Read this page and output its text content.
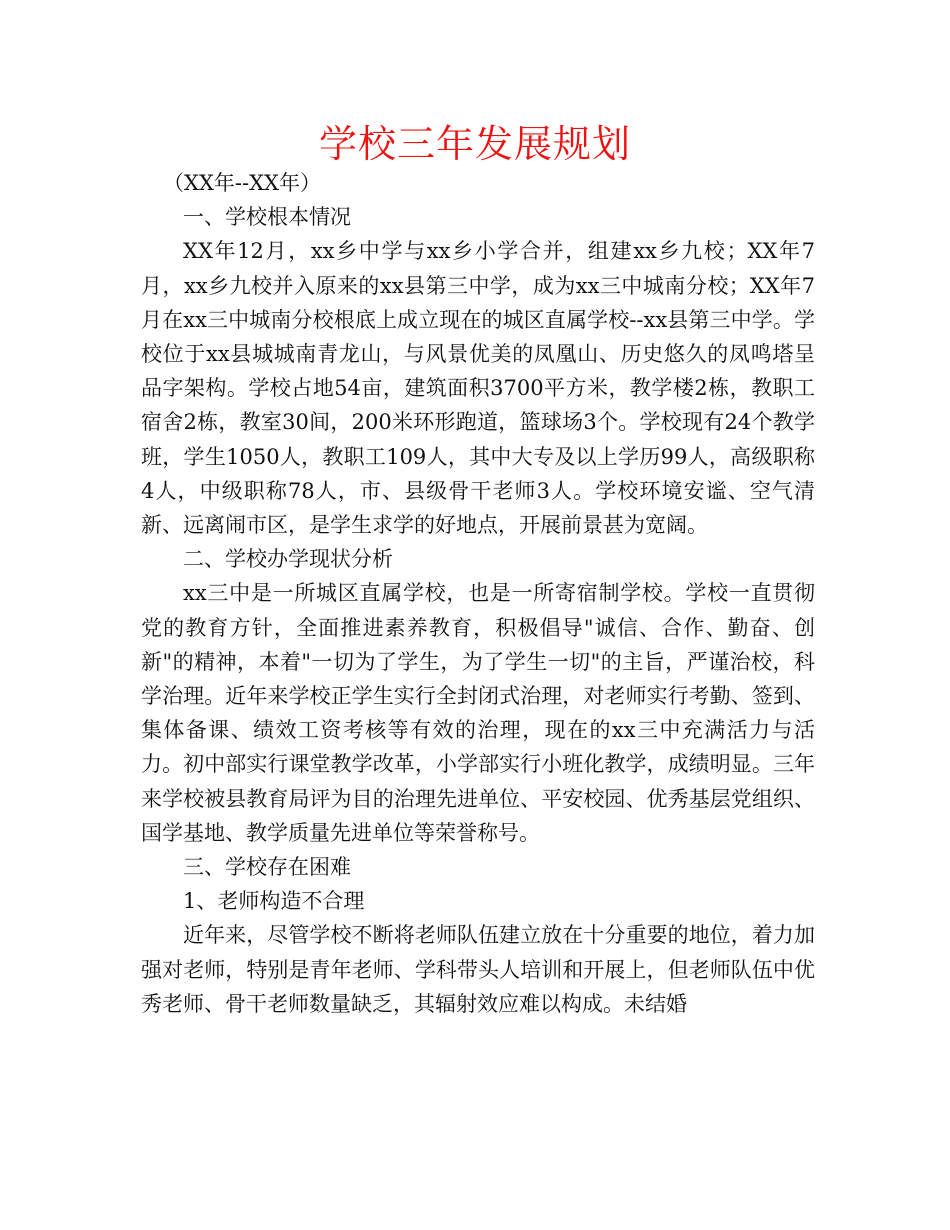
学校三年发展规划

（XX年--XX年）

一、学校根本情况

XX年12月，xx乡中学与xx乡小学合并，组建xx乡九校；XX年7月，xx乡九校并入原来的xx县第三中学，成为xx三中城南分校；XX年7月在xx三中城南分校根底上成立现在的城区直属学校--xx县第三中学。学校位于xx县城城南青龙山，与风景优美的凤凰山、历史悠久的凤鸣塔呈品字架构。学校占地54亩，建筑面积3700平方米，教学楼2栋，教职工宿舍2栋，教室30间，200米环形跑道，篮球场3个。学校现有24个教学班，学生1050人，教职工109人，其中大专及以上学历99人，高级职称4人，中级职称78人，市、县级骨干老师3人。学校环境安谧、空气清新、远离闹市区，是学生求学的好地点，开展前景甚为宽阔。

二、学校办学现状分析

xx三中是一所城区直属学校，也是一所寄宿制学校。学校一直贯彻党的教育方针，全面推进素养教育，积极倡导"诚信、合作、勤奋、创新"的精神，本着"一切为了学生，为了学生一切"的主旨，严谨治校，科学治理。近年来学校正学生实行全封闭式治理，对老师实行考勤、签到、集体备课、绩效工资考核等有效的治理，现在的xx三中充满活力与活力。初中部实行课堂教学改革，小学部实行小班化教学，成绩明显。三年来学校被县教育局评为目的治理先进单位、平安校园、优秀基层党组织、国学基地、教学质量先进单位等荣誉称号。

三、学校存在困难

1、老师构造不合理

近年来，尽管学校不断将老师队伍建立放在十分重要的地位，着力加强对老师，特别是青年老师、学科带头人培训和开展上，但老师队伍中优秀老师、骨干老师数量缺乏，其辐射效应难以构成。未结婚
